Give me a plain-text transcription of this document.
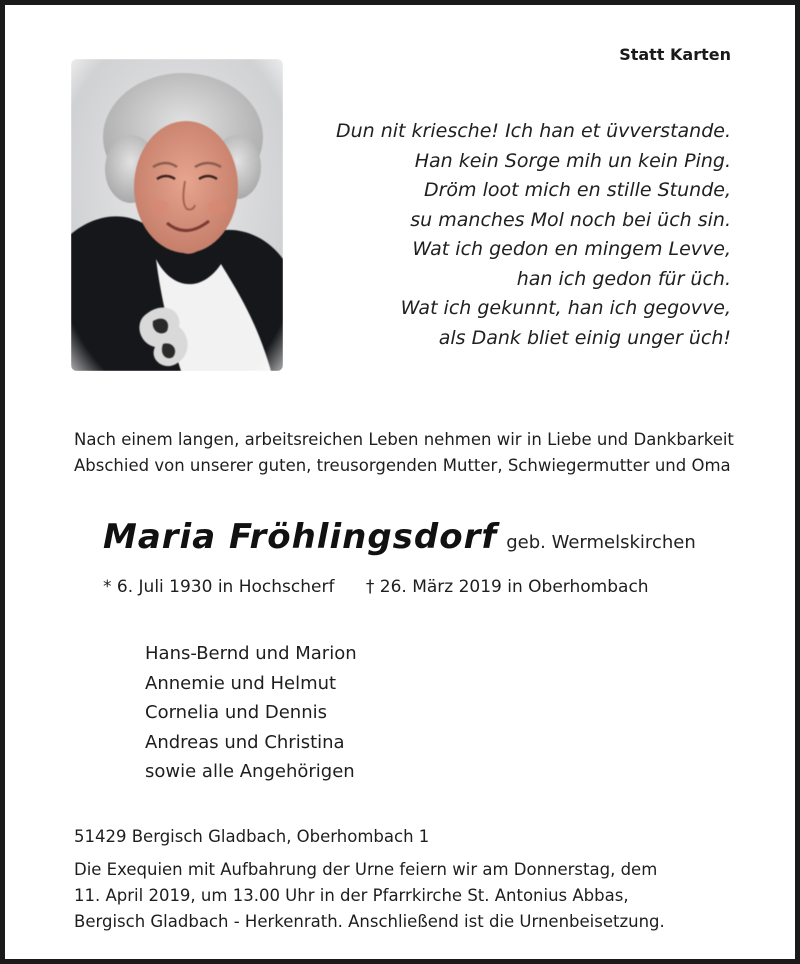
Statt Karten
Dun nit kriesche! Ich han et üvverstande.
Han kein Sorge mih un kein Ping.
Dröm loot mich en stille Stunde,
su manches Mol noch bei üch sin.
Wat ich gedon en mingem Levve,
han ich gedon für üch.
Wat ich gekunnt, han ich gegovve,
als Dank bliet einig unger üch!
Nach einem langen, arbeitsreichen Leben nehmen wir in Liebe und Dankbarkeit
Abschied von unserer guten, treusorgenden Mutter, Schwiegermutter und Oma
Maria Fröhlingsdorf geb. Wermelskirchen
* 6. Juli 1930 in Hochscherf † 26. März 2019 in Oberhombach
Hans-Bernd und Marion
Annemie und Helmut
Cornelia und Dennis
Andreas und Christina
sowie alle Angehörigen
51429 Bergisch Gladbach, Oberhombach 1
Die Exequien mit Aufbahrung der Urne feiern wir am Donnerstag, dem
11. April 2019, um 13.00 Uhr in der Pfarrkirche St. Antonius Abbas,
Bergisch Gladbach - Herkenrath. Anschließend ist die Urnenbeisetzung.
